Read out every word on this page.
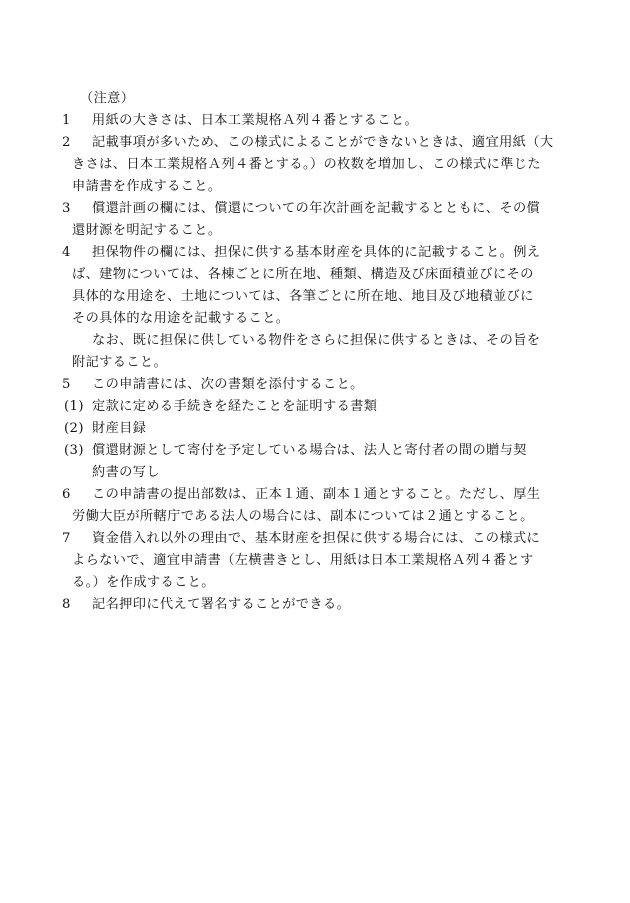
（注意）
1 用紙の大きさは、日本工業規格Ａ列４番とすること。
2 記載事項が多いため、この様式によることができないときは、適宜用紙（大
きさは、日本工業規格Ａ列４番とする。）の枚数を増加し、この様式に準じた
申請書を作成すること。
3 償還計画の欄には、償還についての年次計画を記載するとともに、その償
還財源を明記すること。
4 担保物件の欄には、担保に供する基本財産を具体的に記載すること。例え
ば、建物については、各棟ごとに所在地、種類、構造及び床面積並びにその
具体的な用途を、土地については、各筆ごとに所在地、地目及び地積並びに
その具体的な用途を記載すること。
なお、既に担保に供している物件をさらに担保に供するときは、その旨を
附記すること。
5 この申請書には、次の書類を添付すること。
(1) 定款に定める手続きを経たことを証明する書類
(2) 財産目録
(3) 償還財源として寄付を予定している場合は、法人と寄付者の間の贈与契
約書の写し
6 この申請書の提出部数は、正本１通、副本１通とすること。ただし、厚生
労働大臣が所轄庁である法人の場合には、副本については２通とすること。
7 資金借入れ以外の理由で、基本財産を担保に供する場合には、この様式に
よらないで、適宜申請書（左横書きとし、用紙は日本工業規格Ａ列４番とす
る。）を作成すること。
8 記名押印に代えて署名することができる。
